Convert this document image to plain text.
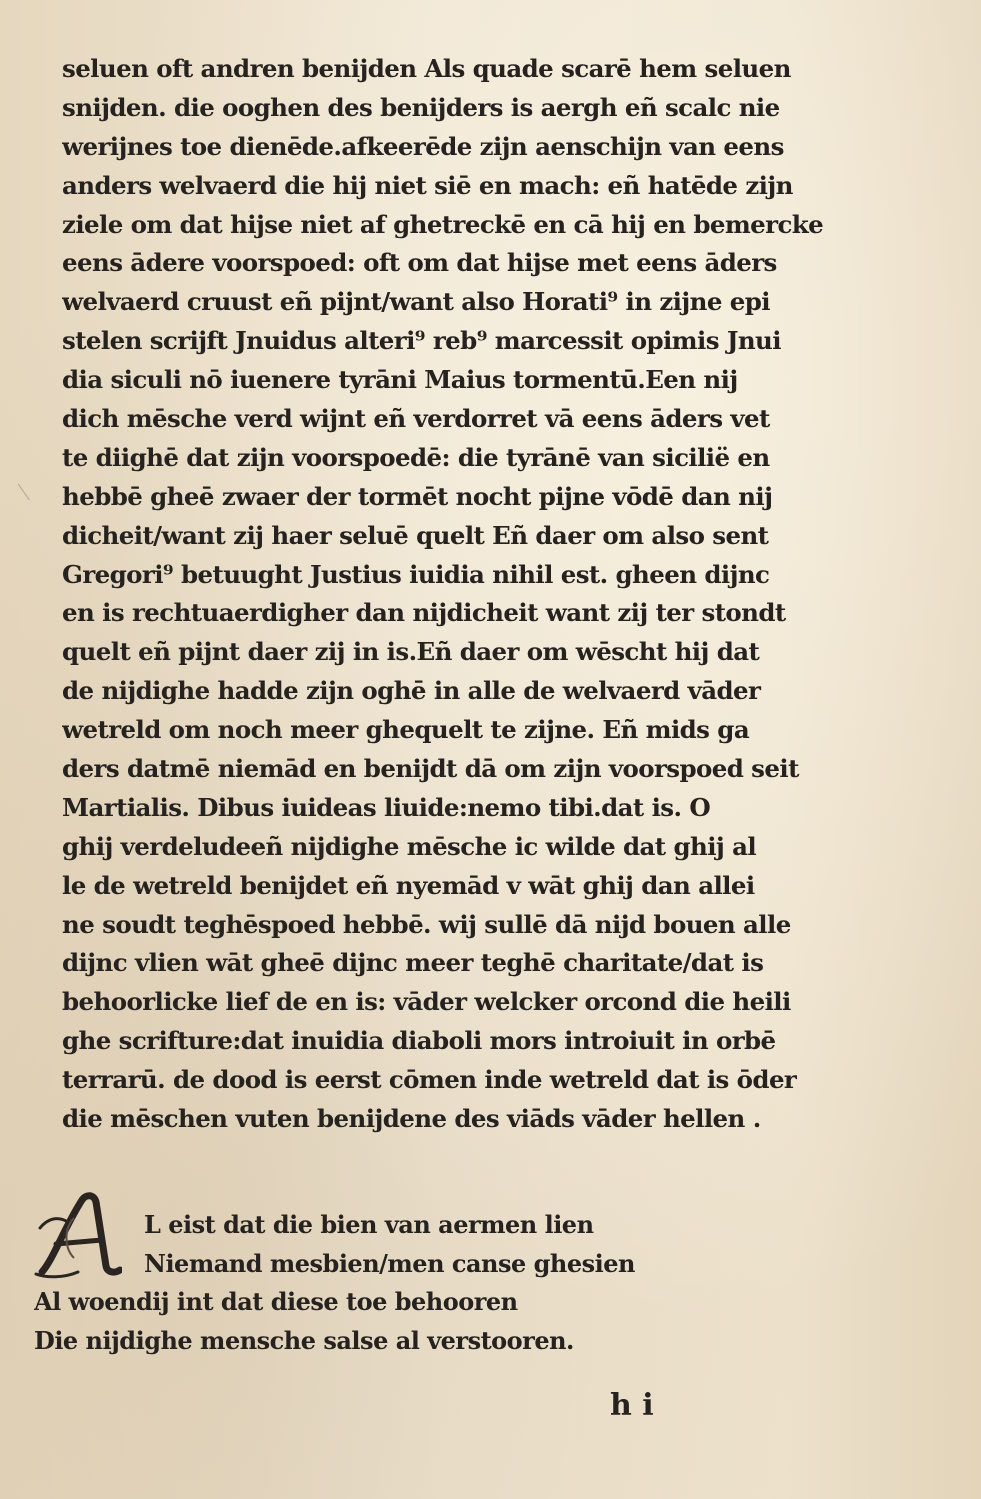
seluen oft andren benijden Als quade scarē hem seluen
snijden. die ooghen des benijders is aergh eñ scalc nie
werijnes toe dienēde.afkeerēde zijn aenschijn van eens
anders welvaerd die hij niet siē en mach: eñ hatēde zijn
ziele om dat hijse niet af ghetreckē en cā hij en bemercke
eens ādere voorspoed: oft om dat hijse met eens āders
welvaerd cruust eñ pijnt/want also Horati⁹ in zijne epi
stelen scrijft Jnuidus alteri⁹ reb⁹ marcessit opimis Jnui
dia siculi nō iuenere tyrāni Maius tormentū.Een nij
dich mēsche verd wijnt eñ verdorret vā eens āders vet
te diighē dat zijn voorspoedē: die tyrānē van sicilië en
hebbē gheē zwaer der tormēt nocht pijne vōdē dan nij
dicheit/want zij haer seluē quelt Eñ daer om also sent
Gregori⁹ betuught Justius iuidia nihil est. gheen dijnc
en is rechtuaerdigher dan nijdicheit want zij ter stondt
quelt eñ pijnt daer zij in is.Eñ daer om wēscht hij dat
de nijdighe hadde zijn oghē in alle de welvaerd vāder
wetreld om noch meer ghequelt te zijne. Eñ mids ga
ders datmē niemād en benijdt dā om zijn voorspoed seit
Martialis. Dibus iuideas liuide:nemo tibi.dat is. O
ghij verdeludeeñ nijdighe mēsche ic wilde dat ghij al
le de wetreld benijdet eñ nyemād v wāt ghij dan allei
ne soudt teghēspoed hebbē. wij sullē dā nijd bouen alle
dijnc vlien wāt gheē dijnc meer teghē charitate/dat is
behoorlicke lief de en is: vāder welcker orcond die heili
ghe scrifture:dat inuidia diaboli mors introiuit in orbē
terrarū. de dood is eerst cōmen inde wetreld dat is ōder
die mēschen vuten benijdene des viāds vāder hellen .
L eist dat die bien van aermen lien
Niemand mesbien/men canse ghesien
Al woendij int dat diese toe behooren
Die nijdighe mensche salse al verstooren.
h i
